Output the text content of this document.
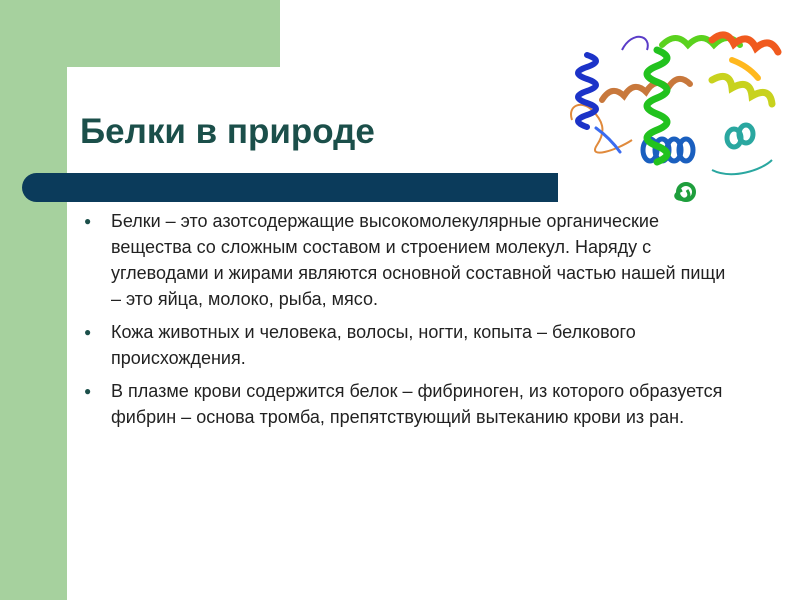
Белки в природе
● Белки – это азотсодержащие высокомолекулярные органические вещества со сложным составом и строением молекул. Наряду с углеводами и жирами являются основной составной частью нашей пищи – это яйца, молоко, рыба, мясо.
● Кожа животных и человека, волосы, ногти, копыта – белкового происхождения.
● В плазме крови содержится белок – фибриноген, из которого образуется фибрин – основа тромба, препятствующий вытеканию крови из ран.
